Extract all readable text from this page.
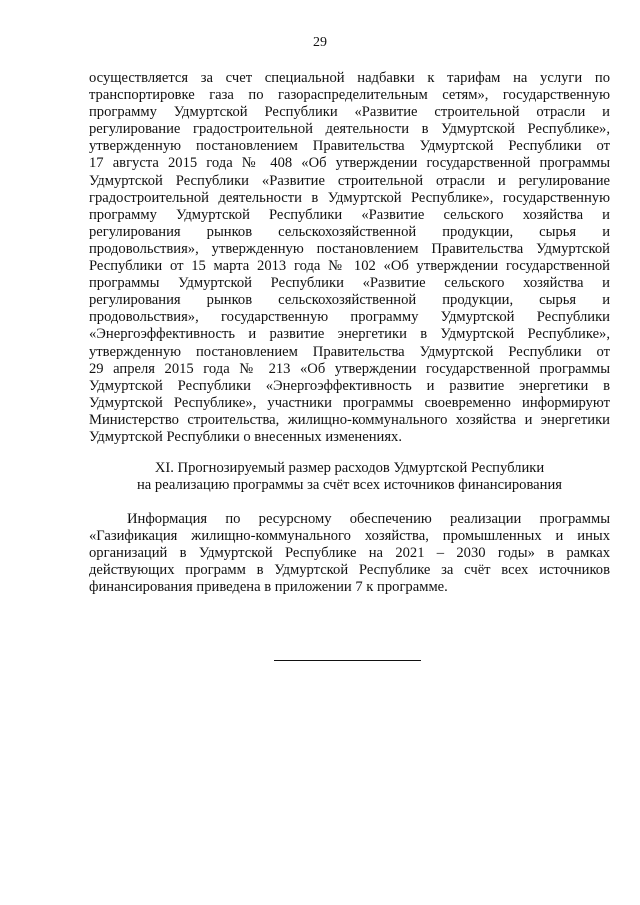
29
осуществляется за счет специальной надбавки к тарифам на услуги по
транспортировке газа по газораспределительным сетям», государственную
программу Удмуртской Республики «Развитие строительной отрасли и
регулирование градостроительной деятельности в Удмуртской Республике»,
утвержденную постановлением Правительства Удмуртской Республики от
17 августа 2015 года № 408 «Об утверждении государственной программы
Удмуртской Республики «Развитие строительной отрасли и регулирование
градостроительной деятельности в Удмуртской Республике», государственную
программу Удмуртской Республики «Развитие сельского хозяйства и
регулирования рынков сельскохозяйственной продукции, сырья и
продовольствия», утвержденную постановлением Правительства Удмуртской
Республики от 15 марта 2013 года № 102 «Об утверждении государственной
программы Удмуртской Республики «Развитие сельского хозяйства и
регулирования рынков сельскохозяйственной продукции, сырья и
продовольствия», государственную программу Удмуртской Республики
«Энергоэффективность и развитие энергетики в Удмуртской Республике»,
утвержденную постановлением Правительства Удмуртской Республики от
29 апреля 2015 года № 213 «Об утверждении государственной программы
Удмуртской Республики «Энергоэффективность и развитие энергетики в
Удмуртской Республике», участники программы своевременно информируют
Министерство строительства, жилищно-коммунального хозяйства и энергетики
Удмуртской Республики о внесенных изменениях.
XI. Прогнозируемый размер расходов Удмуртской Республики
на реализацию программы за счёт всех источников финансирования
Информация по ресурсному обеспечению реализации программы
«Газификация жилищно-коммунального хозяйства, промышленных и иных
организаций в Удмуртской Республике на 2021 – 2030 годы» в рамках
действующих программ в Удмуртской Республике за счёт всех источников
финансирования приведена в приложении 7 к программе.
